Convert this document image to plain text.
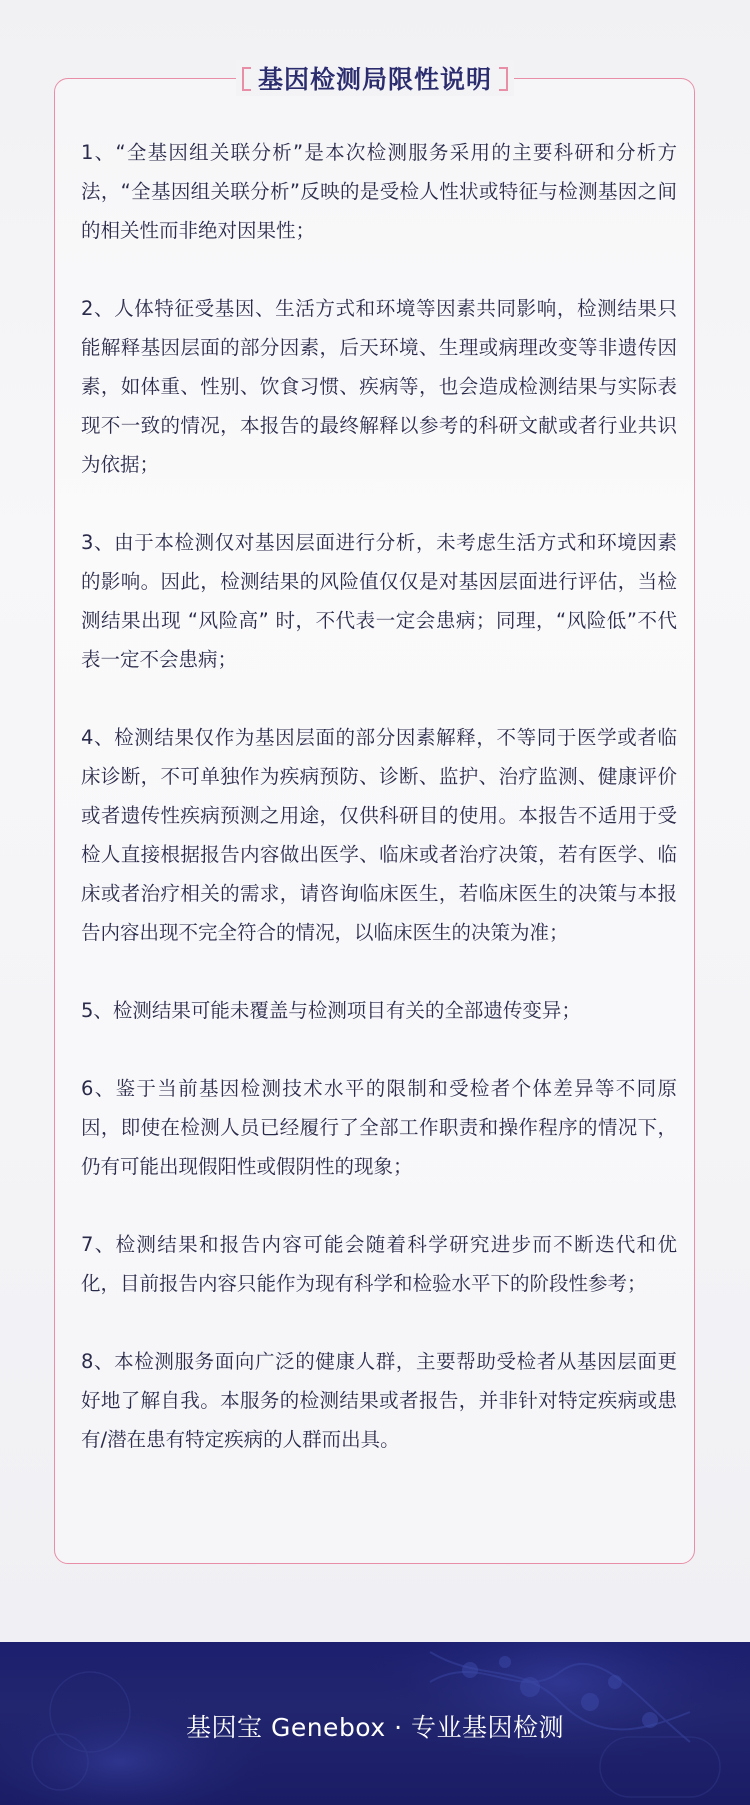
基因检测局限性说明

1、“全基因组关联分析”是本次检测服务采用的主要科研和分析方法，“全基因组关联分析”反映的是受检人性状或特征与检测基因之间的相关性而非绝对因果性；

2、人体特征受基因、生活方式和环境等因素共同影响，检测结果只能解释基因层面的部分因素，后天环境、生理或病理改变等非遗传因素，如体重、性别、饮食习惯、疾病等，也会造成检测结果与实际表现不一致的情况，本报告的最终解释以参考的科研文献或者行业共识为依据；

3、由于本检测仅对基因层面进行分析，未考虑生活方式和环境因素的影响。因此，检测结果的风险值仅仅是对基因层面进行评估，当检测结果出现 “风险高” 时，不代表一定会患病；同理，“风险低”不代表一定不会患病；

4、检测结果仅作为基因层面的部分因素解释，不等同于医学或者临床诊断，不可单独作为疾病预防、诊断、监护、治疗监测、健康评价或者遗传性疾病预测之用途，仅供科研目的使用。本报告不适用于受检人直接根据报告内容做出医学、临床或者治疗决策，若有医学、临床或者治疗相关的需求，请咨询临床医生，若临床医生的决策与本报告内容出现不完全符合的情况，以临床医生的决策为准；

5、检测结果可能未覆盖与检测项目有关的全部遗传变异；

6、鉴于当前基因检测技术水平的限制和受检者个体差异等不同原因，即使在检测人员已经履行了全部工作职责和操作程序的情况下，仍有可能出现假阳性或假阴性的现象；

7、检测结果和报告内容可能会随着科学研究进步而不断迭代和优化，目前报告内容只能作为现有科学和检验水平下的阶段性参考；

8、本检测服务面向广泛的健康人群，主要帮助受检者从基因层面更好地了解自我。本服务的检测结果或者报告，并非针对特定疾病或患有/潜在患有特定疾病的人群而出具。

基因宝 Genebox · 专业基因检测
